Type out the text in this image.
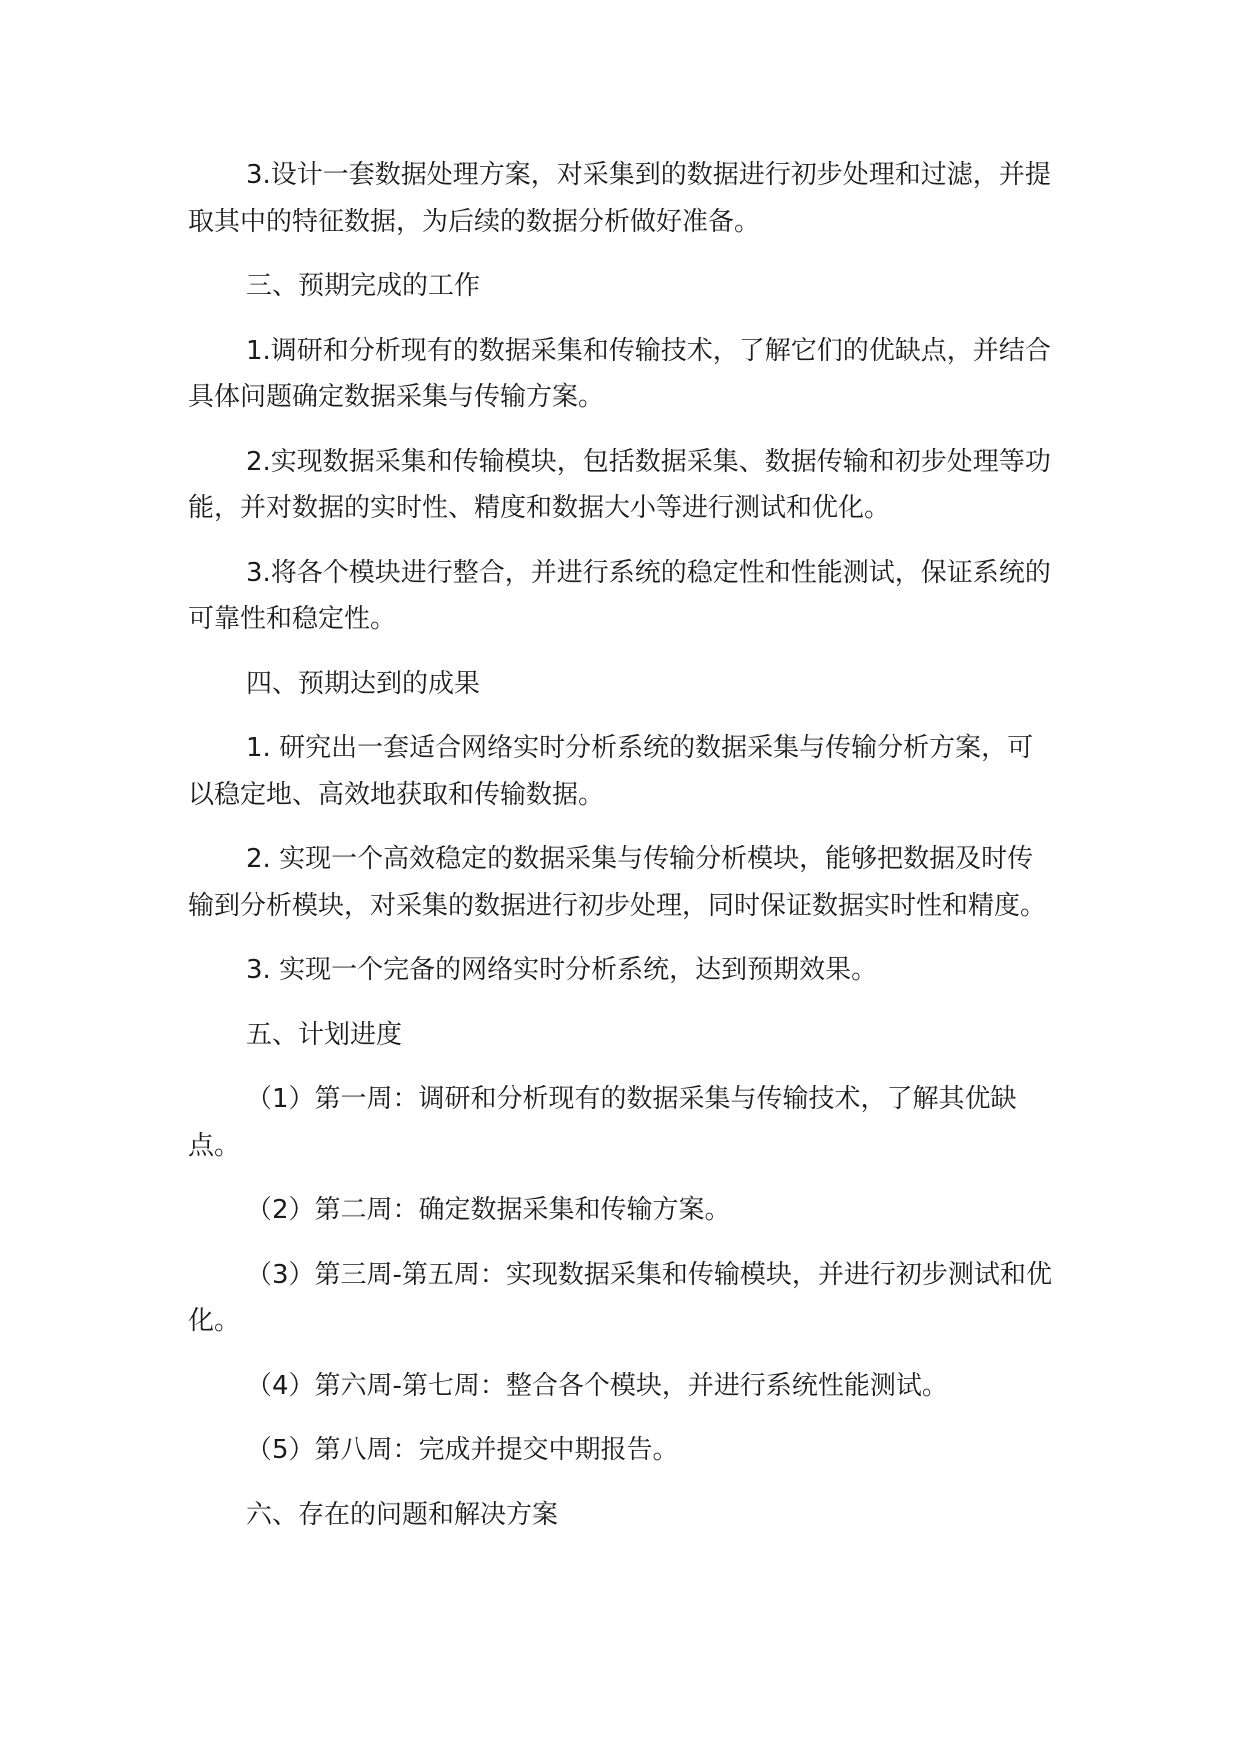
3.设计一套数据处理方案，对采集到的数据进行初步处理和过滤，并提取其中的特征数据，为后续的数据分析做好准备。

三、预期完成的工作

1.调研和分析现有的数据采集和传输技术，了解它们的优缺点，并结合具体问题确定数据采集与传输方案。

2.实现数据采集和传输模块，包括数据采集、数据传输和初步处理等功能，并对数据的实时性、精度和数据大小等进行测试和优化。

3.将各个模块进行整合，并进行系统的稳定性和性能测试，保证系统的可靠性和稳定性。

四、预期达到的成果

1. 研究出一套适合网络实时分析系统的数据采集与传输分析方案，可以稳定地、高效地获取和传输数据。

2. 实现一个高效稳定的数据采集与传输分析模块，能够把数据及时传输到分析模块，对采集的数据进行初步处理，同时保证数据实时性和精度。

3. 实现一个完备的网络实时分析系统，达到预期效果。

五、计划进度

（1）第一周：调研和分析现有的数据采集与传输技术，了解其优缺点。

（2）第二周：确定数据采集和传输方案。

（3）第三周-第五周：实现数据采集和传输模块，并进行初步测试和优化。

（4）第六周-第七周：整合各个模块，并进行系统性能测试。

（5）第八周：完成并提交中期报告。

六、存在的问题和解决方案
